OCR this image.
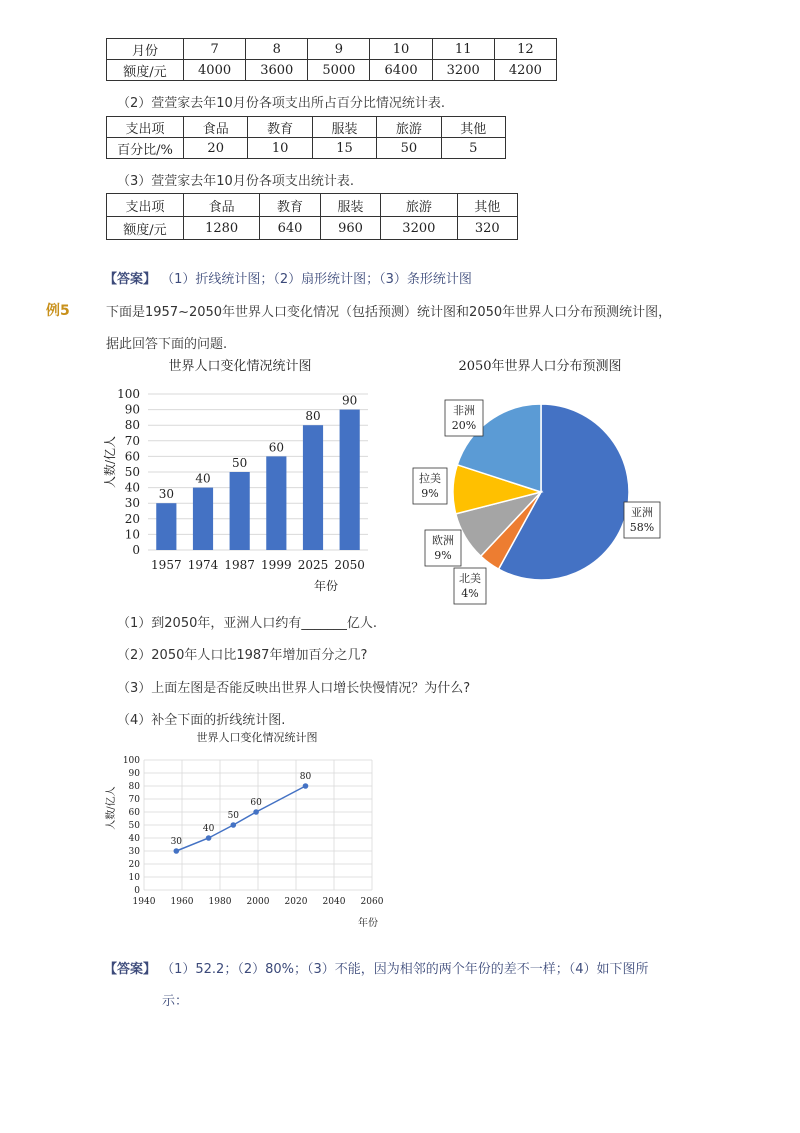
月份	7	8	9	10	11	12
额度/元	4000	3600	5000	6400	3200	4200
（2）萱萱家去年10月份各项支出所占百分比情况统计表.
支出项	食品	教育	服装	旅游	其他
百分比/%	20	10	15	50	5
（3）萱萱家去年10月份各项支出统计表.
支出项	食品	教育	服装	旅游	其他
额度/元	1280	640	960	3200	320
【答案】 （1）折线统计图；（2）扇形统计图；（3）条形统计图
例5	下面是1957~2050年世界人口变化情况（包括预测）统计图和2050年世界人口分布预测统计图，
据此回答下面的问题.
世界人口变化情况统计图
0
10
20
30
40
50
60
70
80
90
100
1957 1974 1987 1999 2025 2050
30
40
50
60
80
90
人数/亿人
年份
2050年世界人口分布预测图
亚洲
58%
北美
4%
欧洲
9%
拉美
9%
非洲
20%
（1）到2050年，亚洲人口约有_______亿人.
（2）2050年人口比1987年增加百分之几?
（3）上面左图是否能反映出世界人口增长快慢情况？为什么?
（4）补全下面的折线统计图.
世界人口变化情况统计图
0
10
20
30
40
50
60
70
80
90
100
1940 1960 1980 2000 2020 2040 2060
30
40
50
60
80
年份
人数/亿人
【答案】 （1）52.2；（2）80%；（3）不能，因为相邻的两个年份的差不一样；（4）如下图所
示：
